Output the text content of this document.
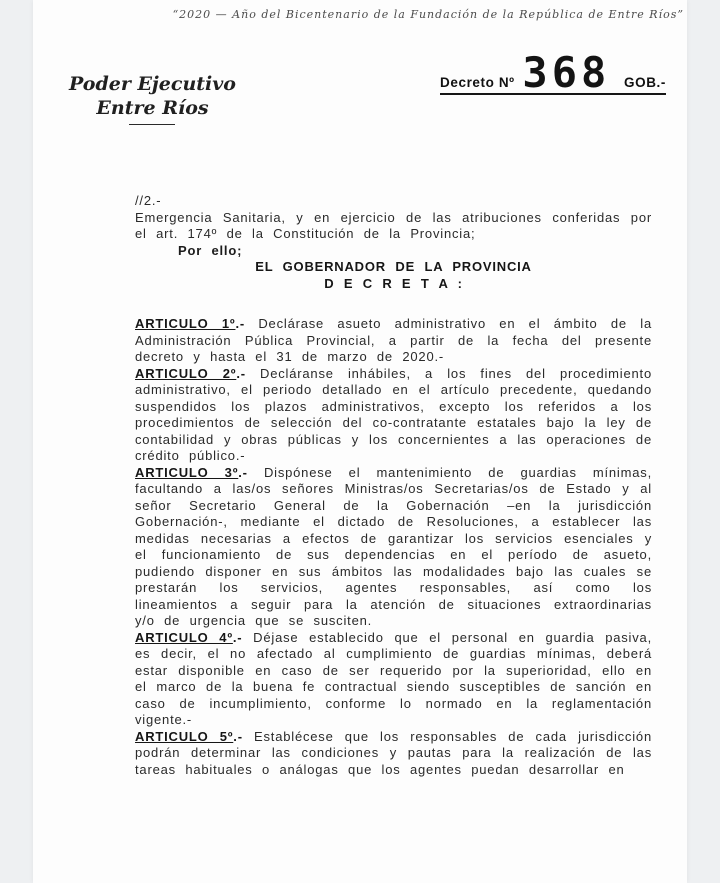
“2020 — Año del Bicentenario de la Fundación de la República de Entre Ríos”
Poder Ejecutivo
Entre Ríos
Decreto Nº 368 GOB.-

//2.-

Emergencia Sanitaria, y en ejercicio de las atribuciones conferidas por el art. 174º de la Constitución de la Provincia;

Por ello;

EL GOBERNADOR DE LA PROVINCIA
D E C R E T A :

ARTICULO 1º.- Declárase asueto administrativo en el ámbito de la Administración Pública Provincial, a partir de la fecha del presente decreto y hasta el 31 de marzo de 2020.-

ARTICULO 2º.- Decláranse inhábiles, a los fines del procedimiento administrativo, el periodo detallado en el artículo precedente, quedando suspendidos los plazos administrativos, excepto los referidos a los procedimientos de selección del co-contratante estatales bajo la ley de contabilidad y obras públicas y los concernientes a las operaciones de crédito público.-

ARTICULO 3º.- Dispónese el mantenimiento de guardias mínimas, facultando a las/os señores Ministras/os Secretarias/os de Estado y al señor Secretario General de la Gobernación –en la jurisdicción Gobernación-, mediante el dictado de Resoluciones, a establecer las medidas necesarias a efectos de garantizar los servicios esenciales y el funcionamiento de sus dependencias en el período de asueto, pudiendo disponer en sus ámbitos las modalidades bajo las cuales se prestarán los servicios, agentes responsables, así como los lineamientos a seguir para la atención de situaciones extraordinarias y/o de urgencia que se susciten.

ARTICULO 4º.- Déjase establecido que el personal en guardia pasiva, es decir, el no afectado al cumplimiento de guardias mínimas, deberá estar disponible en caso de ser requerido por la superioridad, ello en el marco de la buena fe contractual siendo susceptibles de sanción en caso de incumplimiento, conforme lo normado en la reglamentación vigente.-

ARTICULO 5º.- Establécese que los responsables de cada jurisdicción podrán determinar las condiciones y pautas para la realización de las tareas habituales o análogas que los agentes puedan desarrollar en
